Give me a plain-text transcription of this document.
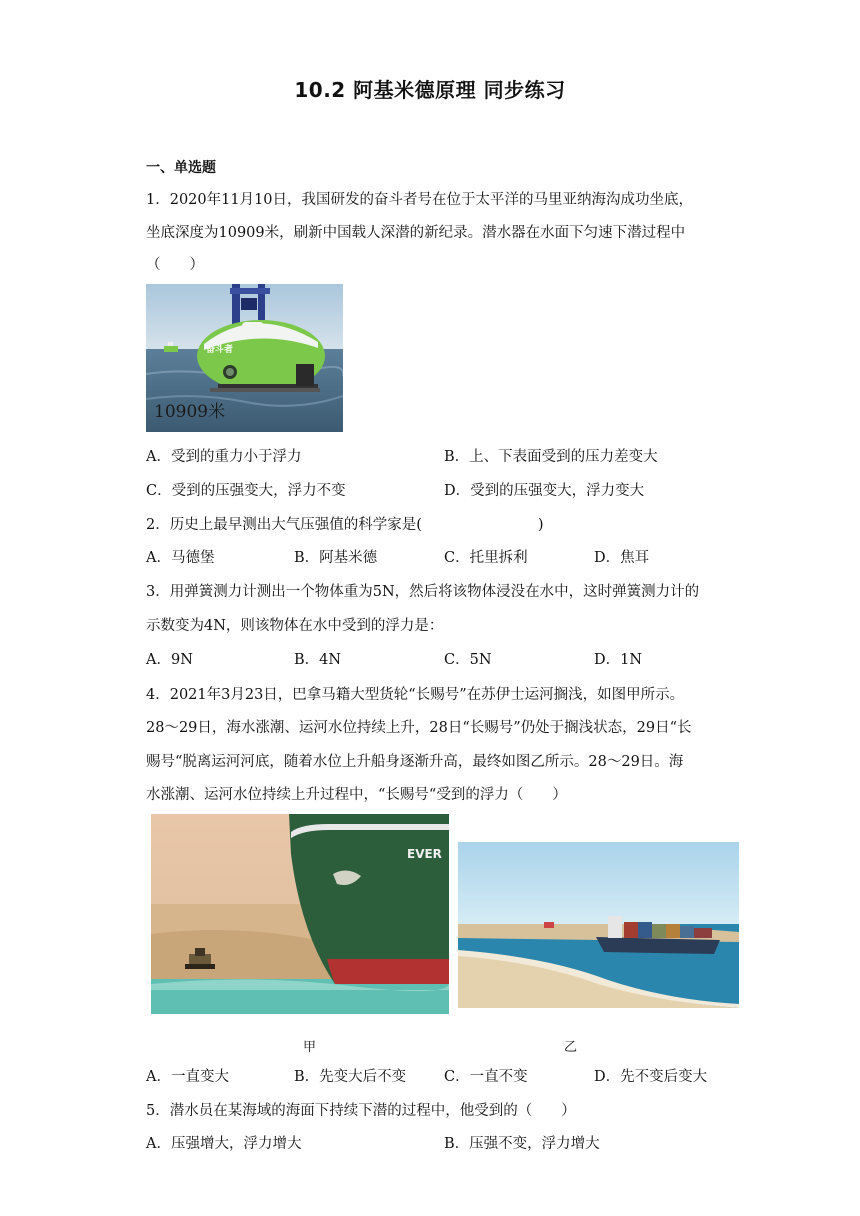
10.2 阿基米德原理 同步练习
一、单选题
1．2020年11月10日，我国研发的奋斗者号在位于太平洋的马里亚纳海沟成功坐底，
坐底深度为10909米，刷新中国载人深潜的新纪录。潜水器在水面下匀速下潜过程中
（　　）
奋斗者
10909米
A．受到的重力小于浮力	B．上、下表面受到的压力差变大
C．受到的压强变大，浮力不变	D．受到的压强变大，浮力变大
2．历史上最早测出大气压强值的科学家是(　　　　　　　　)
A．马德堡	B．阿基米德	C．托里拆利	D．焦耳
3．用弹簧测力计测出一个物体重为5N，然后将该物体浸没在水中，这时弹簧测力计的
示数变为4N，则该物体在水中受到的浮力是：
A．9N	B．4N	C．5N	D．1N
4．2021年3月23日，巴拿马籍大型货轮“长赐号”在苏伊士运河搁浅，如图甲所示。
28～29日，海水涨潮、运河水位持续上升，28日“长赐号”仍处于搁浅状态，29日“长
赐号“脱离运河河底，随着水位上升船身逐渐升高，最终如图乙所示。28～29日。海
水涨潮、运河水位持续上升过程中，“长赐号“受到的浮力（　　）
EVER
甲	乙
A．一直变大	B．先变大后不变	C．一直不变	D．先不变后变大
5．潜水员在某海域的海面下持续下潜的过程中，他受到的（　　）
A．压强增大，浮力增大	B．压强不变，浮力增大
